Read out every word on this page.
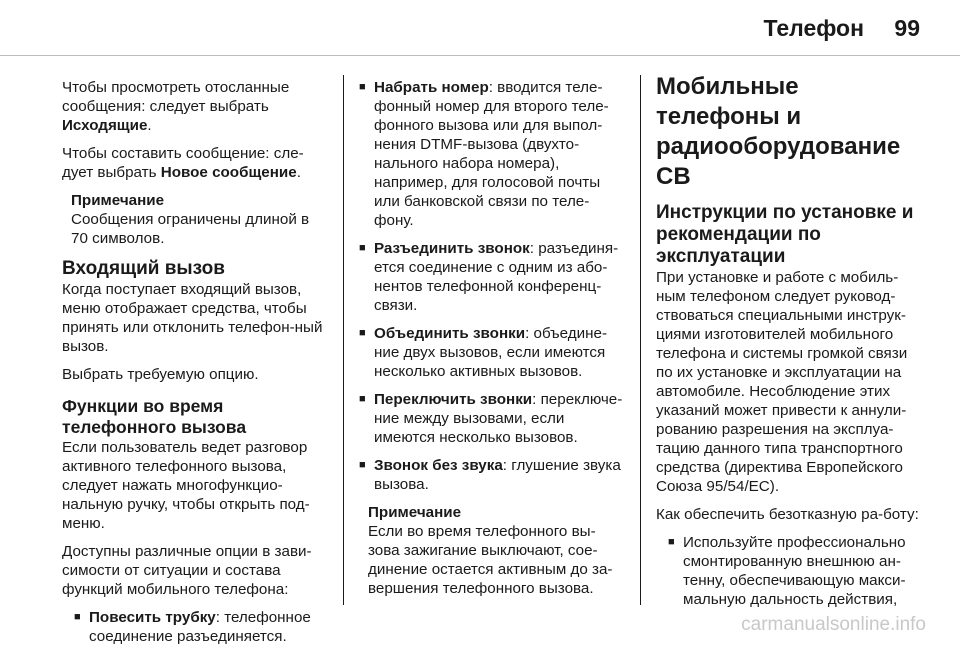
Телефон 99

Чтобы просмотреть отосланные сообщения: следует выбрать Исходящие.

Чтобы составить сообщение: сле-дует выбрать Новое сообщение.

Примечание
Сообщения ограничены длиной в 70 символов.
Входящий вызов

Когда поступает входящий вызов, меню отображает средства, чтобы принять или отклонить телефон-ный вызов.

Выбрать требуемую опцию.

Функции во время телефонного вызова

Если пользователь ведет разговор активного телефонного вызова, следует нажать многофункцио-нальную ручку, чтобы открыть под-меню.

Доступны различные опции в зави-симости от ситуации и состава функций мобильного телефона:

■ Повесить трубку: телефонное соединение разъединяется.
■ Набрать номер: вводится теле-фонный номер для второго теле-фонного вызова или для выпол-нения DTMF-вызова (двухто-нального набора номера), например, для голосовой почты или банковской связи по теле-фону.
■ Разъединить звонок: разъединя-ется соединение с одним из або-нентов телефонной конференц-связи.
■ Объединить звонки: объедине-ние двух вызовов, если имеются несколько активных вызовов.
■ Переключить звонки: переключе-ние между вызовами, если имеются несколько вызовов.
■ Звонок без звука: глушение звука вызова.
Примечание
Если во время телефонного вы-зова зажигание выключают, сое-динение остается активным до за-вершения телефонного вызова.
Мобильные телефоны и радиооборудование CB
Инструкции по установке и рекомендации по эксплуатации

При установке и работе с мобиль-ным телефоном следует руковод-ствоваться специальными инструк-циями изготовителей мобильного телефона и системы громкой связи по их установке и эксплуатации на автомобиле. Несоблюдение этих указаний может привести к аннули-рованию разрешения на эксплуа-тацию данного типа транспортного средства (директива Европейского Союза 95/54/EC).

Как обеспечить безотказную ра-боту:

■ Используйте профессионально смонтированную внешнюю ан-тенну, обеспечивающую макси-мальную дальность действия,
carmanualsonline.info
